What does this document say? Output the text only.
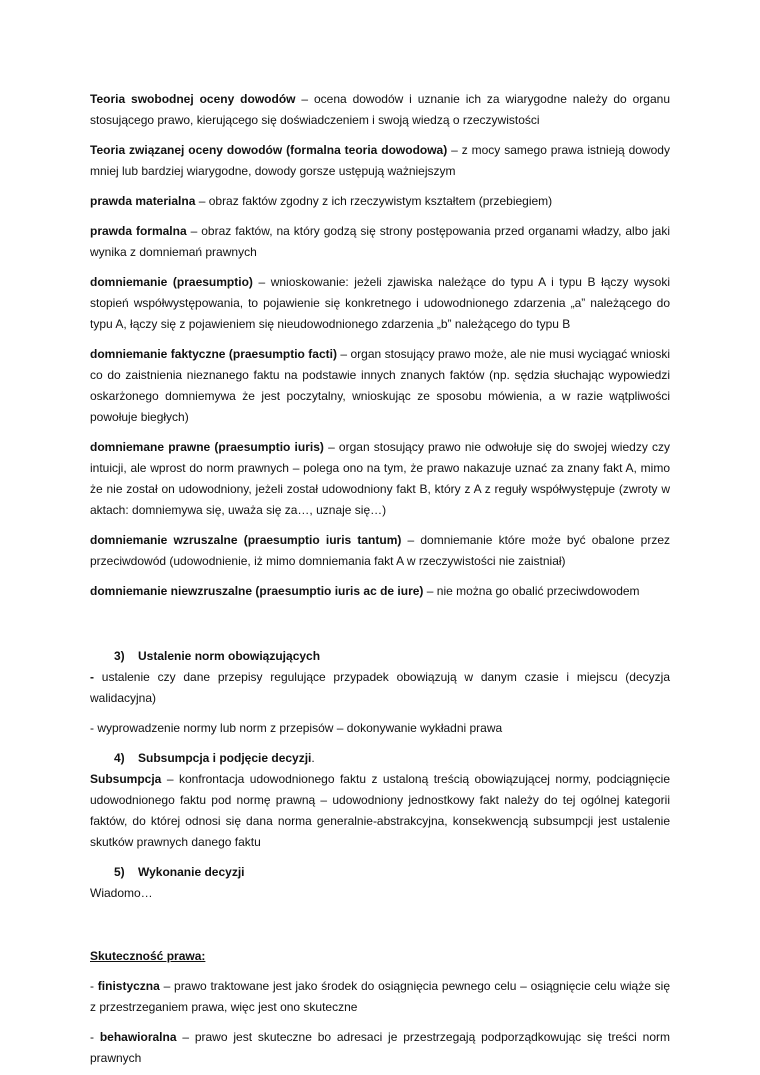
Teoria swobodnej oceny dowodów – ocena dowodów i uznanie ich za wiarygodne należy do organu stosującego prawo, kierującego się doświadczeniem i swoją wiedzą o rzeczywistości

Teoria związanej oceny dowodów (formalna teoria dowodowa) – z mocy samego prawa istnieją dowody mniej lub bardziej wiarygodne, dowody gorsze ustępują ważniejszym

prawda materialna – obraz faktów zgodny z ich rzeczywistym kształtem (przebiegiem)

prawda formalna – obraz faktów, na który godzą się strony postępowania przed organami władzy, albo jaki wynika z domniemań prawnych

domniemanie (praesumptio) – wnioskowanie: jeżeli zjawiska należące do typu A i typu B łączy wysoki stopień współwystępowania, to pojawienie się konkretnego i udowodnionego zdarzenia „a” należącego do typu A, łączy się z pojawieniem się nieudowodnionego zdarzenia „b” należącego do typu B

domniemanie faktyczne (praesumptio facti) – organ stosujący prawo może, ale nie musi wyciągać wnioski co do zaistnienia nieznanego faktu na podstawie innych znanych faktów (np. sędzia słuchając wypowiedzi oskarżonego domniemywa że jest poczytalny, wnioskując ze sposobu mówienia, a w razie wątpliwości powołuje biegłych)

domniemane prawne (praesumptio iuris) – organ stosujący prawo nie odwołuje się do swojej wiedzy czy intuicji, ale wprost do norm prawnych – polega ono na tym, że prawo nakazuje uznać za znany fakt A, mimo że nie został on udowodniony, jeżeli został udowodniony fakt B, który z A z reguły współwystępuje (zwroty w aktach: domniemywa się, uważa się za…, uznaje się…)

domniemanie wzruszalne (praesumptio iuris tantum) – domniemanie które może być obalone przez przeciwdowód (udowodnienie, iż mimo domniemania fakt A w rzeczywistości nie zaistniał)

domniemanie niewzruszalne (praesumptio iuris ac de iure) – nie można go obalić przeciwdowodem

3) Ustalenie norm obowiązujących

- ustalenie czy dane przepisy regulujące przypadek obowiązują w danym czasie i miejscu (decyzja walidacyjna)

- wyprowadzenie normy lub norm z przepisów – dokonywanie wykładni prawa

4) Subsumpcja i podjęcie decyzji.

Subsumpcja – konfrontacja udowodnionego faktu z ustaloną treścią obowiązującej normy, podciągnięcie udowodnionego faktu pod normę prawną – udowodniony jednostkowy fakt należy do tej ogólnej kategorii faktów, do której odnosi się dana norma generalnie-abstrakcyjna, konsekwencją subsumpcji jest ustalenie skutków prawnych danego faktu

5) Wykonanie decyzji

Wiadomo…

Skuteczność prawa:

- finistyczna – prawo traktowane jest jako środek do osiągnięcia pewnego celu – osiągnięcie celu wiąże się z przestrzeganiem prawa, więc jest ono skuteczne

- behawioralna – prawo jest skuteczne bo adresaci je przestrzegają podporządkowując się treści norm prawnych
